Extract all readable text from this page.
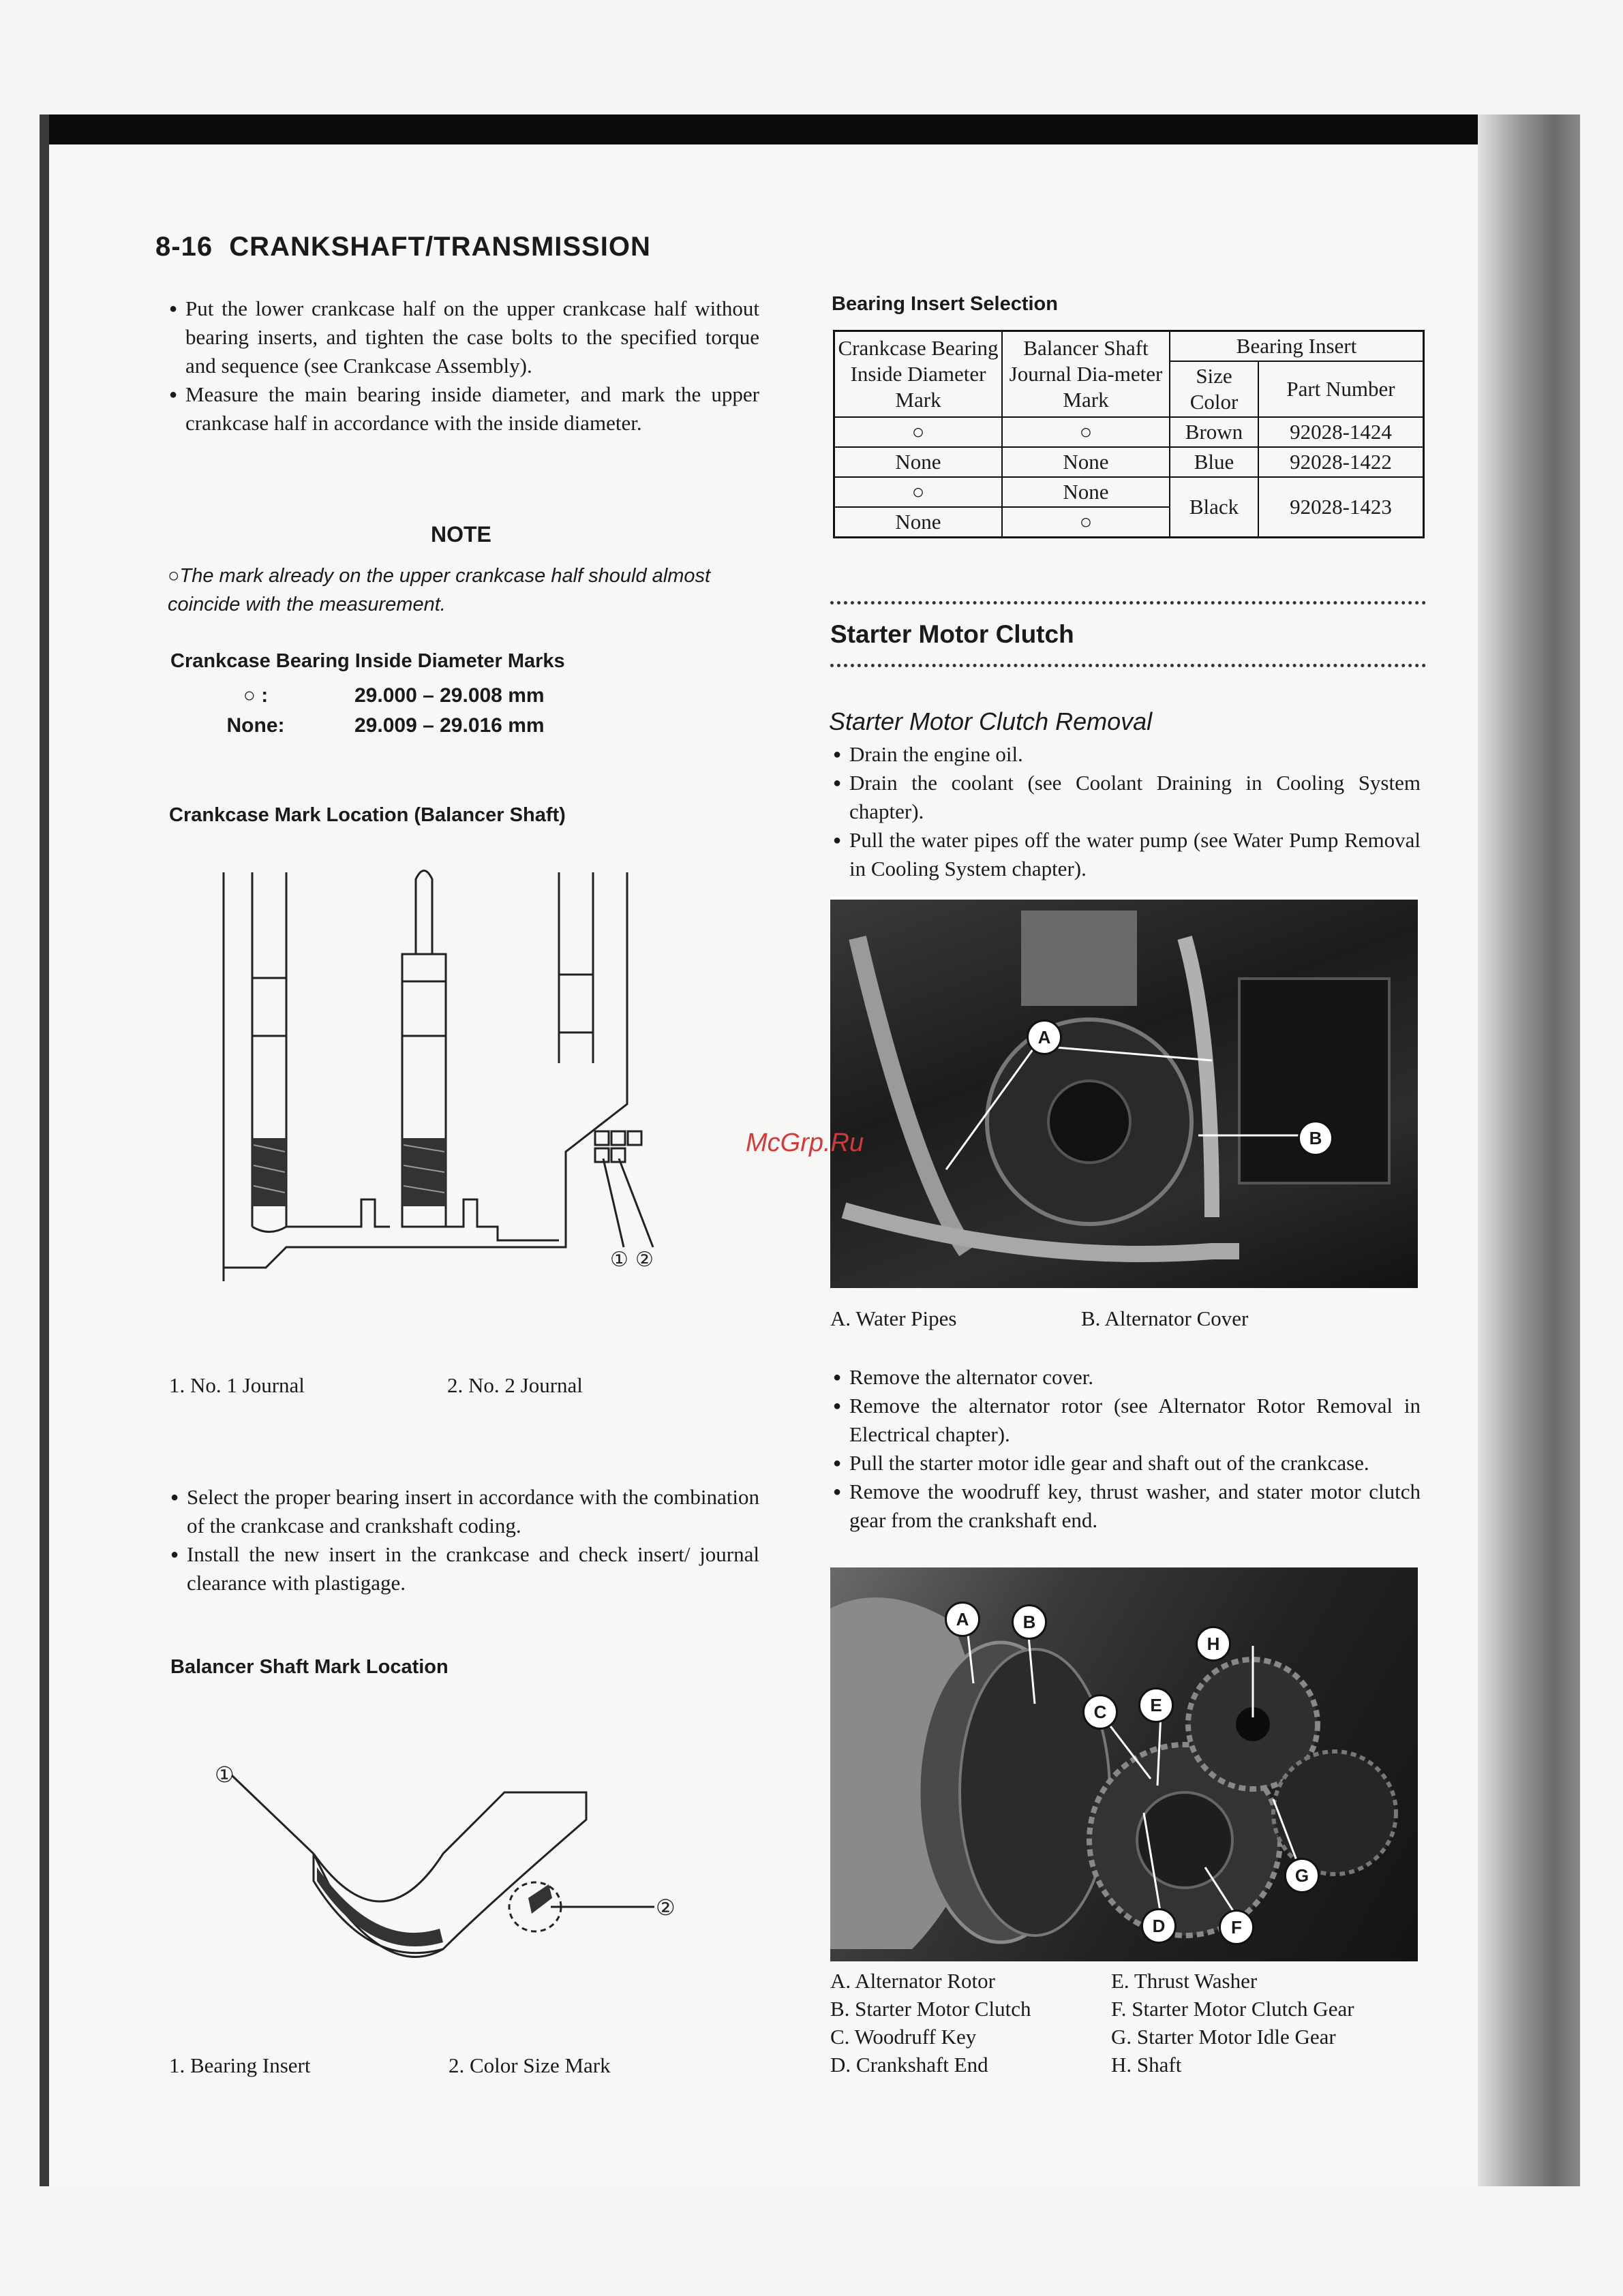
8-16 CRANKSHAFT/TRANSMISSION
● Put the lower crankcase half on the upper crankcase half without bearing inserts, and tighten the case bolts to the specified torque and sequence (see Crankcase Assembly).
● Measure the main bearing inside diameter, and mark the upper crankcase half in accordance with the inside diameter.
NOTE
○The mark already on the upper crankcase half should almost coincide with the measurement.
Crankcase Bearing Inside Diameter Marks
○ :	29.000 – 29.008 mm
None:	29.009 – 29.016 mm
Crankcase Mark Location (Balancer Shaft)
① ②
1. No. 1 Journal	2. No. 2 Journal
● Select the proper bearing insert in accordance with the combination of the crankcase and crankshaft coding.
● Install the new insert in the crankcase and check insert/ journal clearance with plastigage.
Balancer Shaft Mark Location
①
②
1. Bearing Insert	2. Color Size Mark
Bearing Insert Selection
Crankcase Bearing Inside Diameter Mark	Balancer Shaft Journal Dia-meter Mark	Bearing Insert	
		Size Color	Part Number
○	○	Brown	92028-1424
None	None	Blue	92028-1422
○	None	Black	92028-1423
None	○		
Starter Motor Clutch
Starter Motor Clutch Removal
● Drain the engine oil.
● Drain the coolant (see Coolant Draining in Cooling System chapter).
● Pull the water pipes off the water pump (see Water Pump Removal in Cooling System chapter).
A
B
A. Water Pipes	B. Alternator Cover
● Remove the alternator cover.
● Remove the alternator rotor (see Alternator Rotor Removal in Electrical chapter).
● Pull the starter motor idle gear and shaft out of the crankcase.
● Remove the woodruff key, thrust washer, and stater motor clutch gear from the crankshaft end.
A	B
C
D
E
F
G
H
A. Alternator Rotor
B. Starter Motor Clutch
C. Woodruff Key
D. Crankshaft End
E. Thrust Washer
F. Starter Motor Clutch Gear
G. Starter Motor Idle Gear
H. Shaft
McGrp.Ru
